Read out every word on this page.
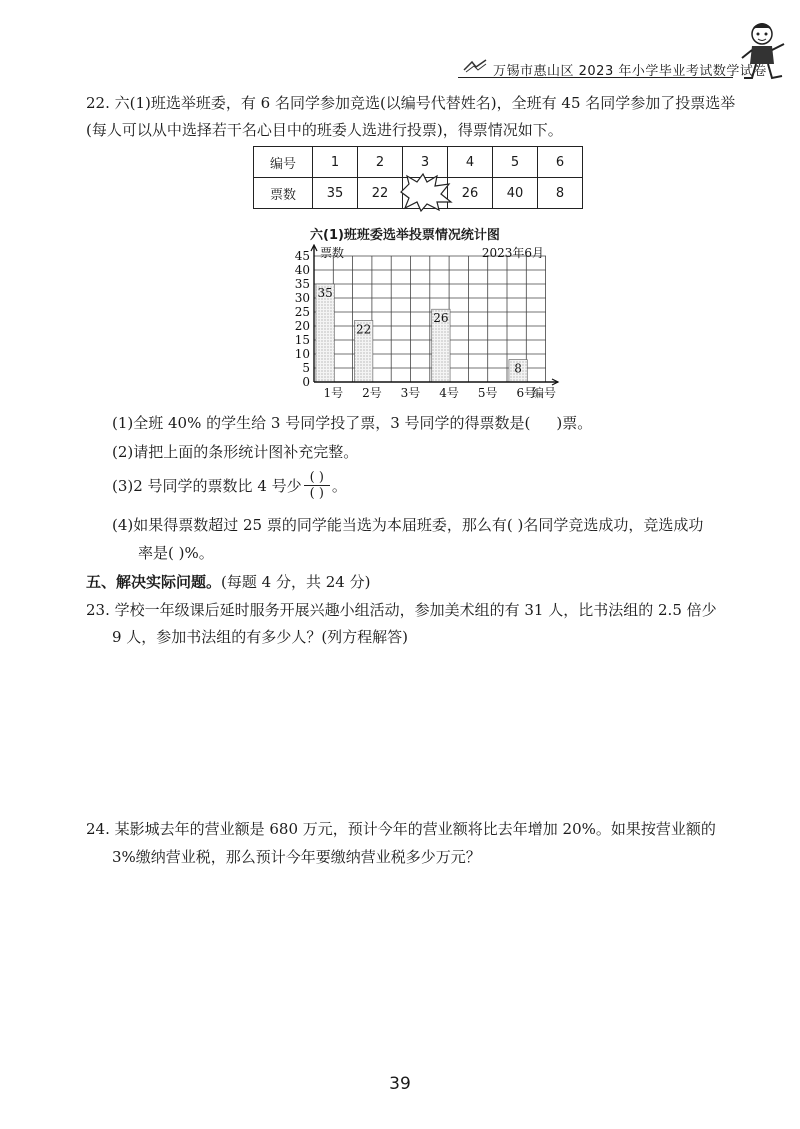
万锡市惠山区 2023 年小学毕业考试数学试卷
22. 六(1)班选举班委，有 6 名同学参加竞选(以编号代替姓名)，全班有 45 名同学参加了投票选举
(每人可以从中选择若干名心目中的班委人选进行投票)，得票情况如下。
编号	1	2	3	4	5	6
票数	35	22		26	40	8
六(1)班班委选举投票情况统计图
0
5
10
15
20
25
30
35
40
45
35
22
26
8
1号 2号 3号 4号 5号 6号
票数
编号
2023年6月
(1)全班 40% 的学生给 3 号同学投了票，3 号同学的得票数是( )票。
(2)请把上面的条形统计图补充完整。
(3)2 号同学的票数比 4 号少 $\frac{( )}{( )}$ 。
(4)如果得票数超过 25 票的同学能当选为本届班委，那么有( )名同学竞选成功，竞选成功
率是( )%。
五、解决实际问题。(每题 4 分，共 24 分)
23. 学校一年级课后延时服务开展兴趣小组活动，参加美术组的有 31 人，比书法组的 2.5 倍少
9 人，参加书法组的有多少人？(列方程解答)
24. 某影城去年的营业额是 680 万元，预计今年的营业额将比去年增加 20%。如果按营业额的
3%缴纳营业税，那么预计今年要缴纳营业税多少万元？
39
